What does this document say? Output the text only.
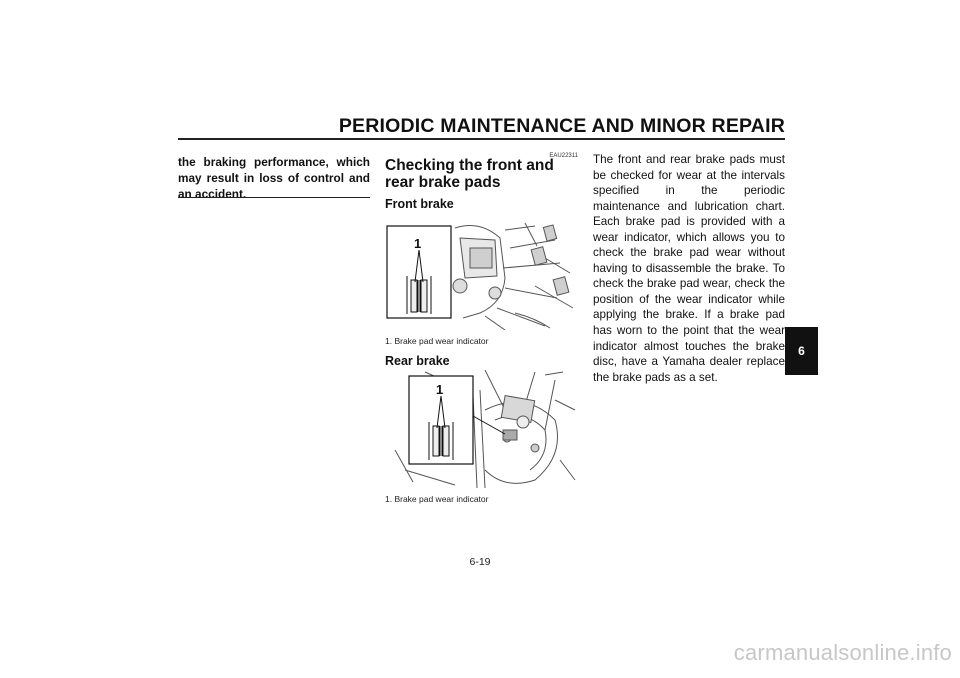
PERIODIC MAINTENANCE AND MINOR REPAIR

the braking performance, which may result in loss of control and an accident.

EAU22311
Checking the front and rear brake pads
Front brake
1
1. Brake pad wear indicator
Rear brake
1
1. Brake pad wear indicator

The front and rear brake pads must be checked for wear at the intervals specified in the periodic maintenance and lubrication chart. Each brake pad is provided with a wear indicator, which allows you to check the brake pad wear without having to disassemble the brake. To check the brake pad wear, check the position of the wear indicator while applying the brake. If a brake pad has worn to the point that the wear indicator almost touches the brake disc, have a Yamaha dealer replace the brake pads as a set.

6
6-19
carmanualsonline.info
